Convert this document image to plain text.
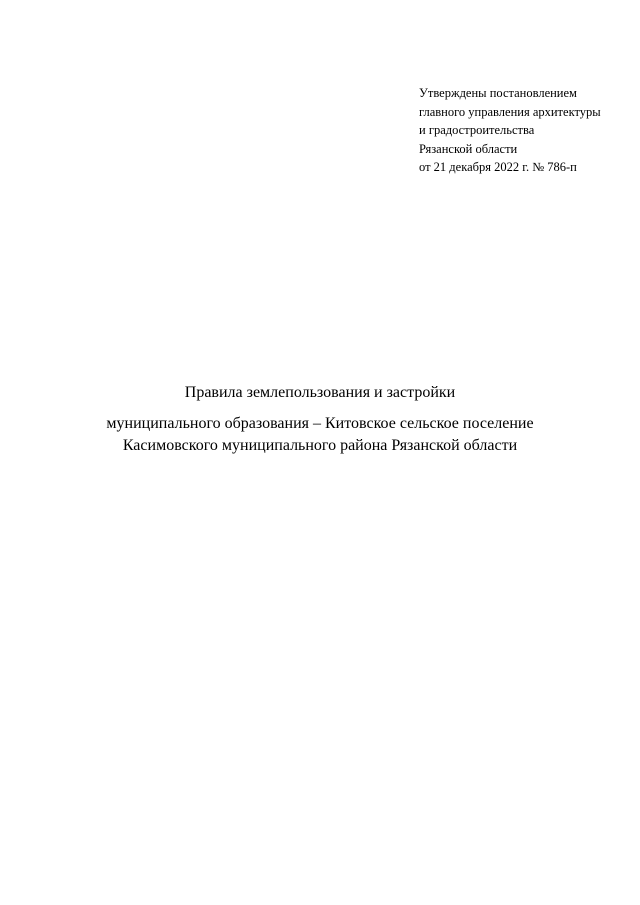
Утверждены постановлением
главного управления архитектуры
и градостроительства
Рязанской области
от 21 декабря 2022 г. № 786-п
Правила землепользования и застройки
муниципального образования – Китовское сельское поселение
Касимовского муниципального района Рязанской области
